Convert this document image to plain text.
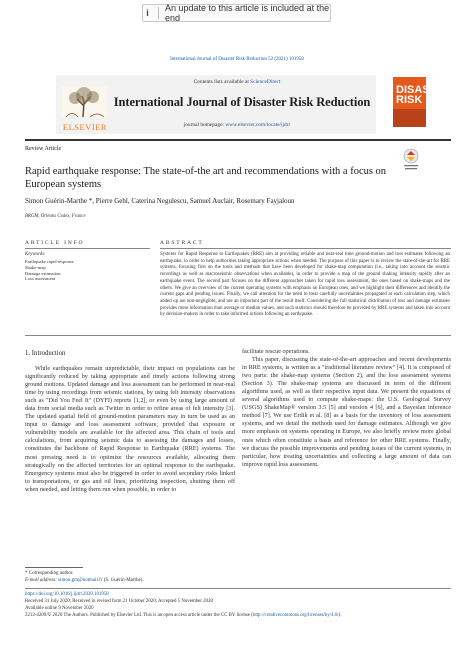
i	An update to this article is included at the end
International Journal of Disaster Risk Reduction 52 (2021) 101958
Contents lists available at ScienceDirect
International Journal of Disaster Risk Reduction
journal homepage: www.elsevier.com/locate/ijdrr
ELSEVIER
DISASTER RISK
Review Article
Rapid earthquake response: The state-of-the art and recommendations with a focus on European systems
Simon Guérin-Marthe *, Pierre Gehl, Caterina Negulescu, Samuel Auclair, Rosemary Fayjaloun
BRGM, Orléans Cedex, France
ARTICLE INFO	ABSTRACT
Keywords:
Earthquake rapid response
Shake-map
Damage estimation
Loss assessment
Systems for Rapid Response to Earthquakes (RRE) aim at providing reliable and near-real time ground-motion and loss estimates following an earthquake, in order to help authorities taking appropriate actions when needed. The purpose of this paper is to review the state-of-the-art for RRE systems, focusing first on the tools and methods that have been developed for shake-map computation (i.e., taking into account the seismic recordings as well as macroseismic observations when available), in order to provide a map of the ground shaking intensity rapidly after an earthquake event. The second part focuses on the different approaches taken for rapid loss assessment, the ones based on shake-maps and the others. We give an overview of the current operating systems with emphasis on European ones, and we highlight their differences and identify the current gaps and pending issues. Finally, we call attention for the need to treat carefully uncertainties propagated at each calculation step, which added up are non-negligible, and are an important part of the result itself. Considering the full statistical distribution of loss and damage estimates provides more information than average or median values, and such statistics should therefore be provided by RRE systems and taken into account by decision-makers in order to take informed actions following an earthquake.
1. Introduction
While earthquakes remain unpredictable, their impact on populations can be significantly reduced by taking appropriate and timely actions following strong ground motions. Updated damage and loss assessment can be performed in near-real time by using recordings from seismic stations, by using felt intensity observations such as "Did You Feel It" (DYFI) reports [1,2], or even by using large amount of data from social media such as Twitter in order to refine areas of felt intensity [3]. The updated spatial field of ground-motion parameters may in turn be used as an input to damage and loss assessment software, provided that exposure or vulnerability models are available for the affected area. This chain of tools and calculations, from acquiring seismic data to assessing the damages and losses, constitutes the backbone of Rapid Response to Earthquake (RRE) systems. The most pressing need is to optimize the resources available, allocating them strategically on the affected territories for an optimal response to the earthquake. Emergency systems must also be triggered in order to avoid secondary risks linked to transportations, or gas and oil lines, prioritizing inspection, shutting them off when needed, and letting them run when possible, in order to

facilitate rescue operations.

This paper, discussing the state-of-the-art approaches and recent developments in RRE systems, is written as a "traditional literature review" [4]. It is composed of two parts: the shake-map systems (Section 2), and the loss assessment systems (Section 3). The shake-map systems are discussed in term of the different algorithms used, as well as their respective input data. We present the equations of several algorithms used to compute shake-maps: the U.S. Geological Survey (USGS) ShakeMap® version 3.5 [5] and version 4 [6], and a Bayesian inference method [7]. We use Erdik et al. [8] as a basis for the inventory of loss assessment systems, and we detail the methods used for damage estimates. Although we give more emphasis on systems operating in Europe, we also briefly review more global ones which often constitute a basis and reference for other RRE systems. Finally, we discuss the possible improvements and pending issues of the current systems, in particular, how treating uncertainties and collecting a large amount of data can improve rapid loss assessment.

* Corresponding author.
E-mail address: simon.gm@hotmail.fr (S. Guérin-Marthe).
https://doi.org/10.1016/j.ijdrr.2020.101958
Received 31 July 2020; Received in revised form 21 October 2020; Accepted 5 November 2020
Available online 9 November 2020
2212-4209/© 2020 The Authors. Published by Elsevier Ltd. This is an open access article under the CC BY license (http://creativecommons.org/licenses/by/4.0/).
